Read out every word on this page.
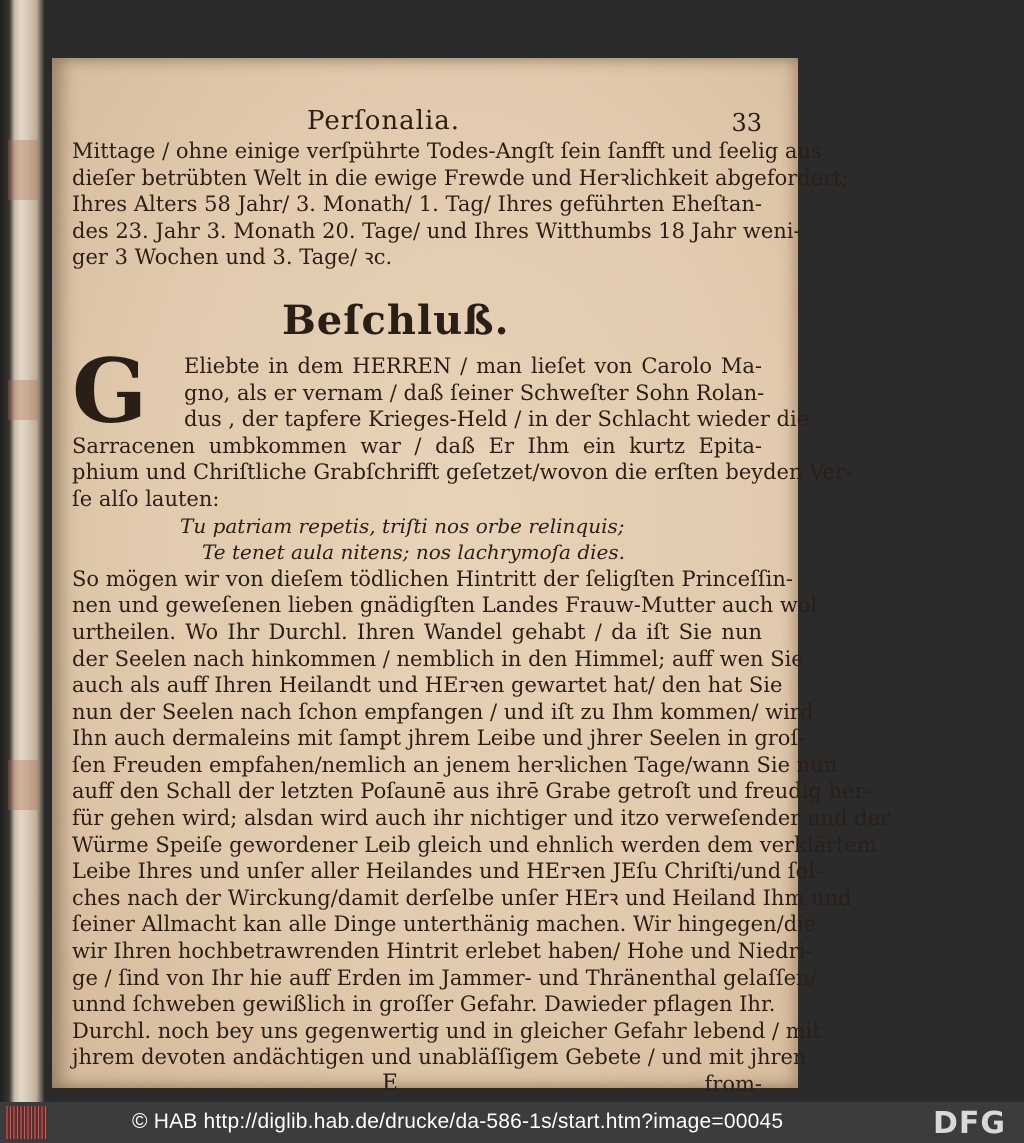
Perſonalia.	33
Mittage / ohne einige verſpührte Todes-Angſt ſein ſanfft und ſeelig aus
dieſer betrübten Welt in die ewige Frewde und Herꝛlichkeit abgefordert;
Ihres Alters 58 Jahr/ 3. Monath/ 1. Tag/ Ihres geführten Eheſtan-
des 23. Jahr 3. Monath 20. Tage/ und Ihres Witthumbs 18 Jahr weni-
ger 3 Wochen und 3. Tage/ ꝛc.
Beſchluß.
G	Eliebte in dem HERREN / man lieſet von Carolo Ma-
gno, als er vernam / daß ſeiner Schweſter Sohn Rolan-
dus , der tapfere Krieges-Held / in der Schlacht wieder die
Sarracenen umbkommen war / daß Er Ihm ein kurtz Epita-
phium und Chriſtliche Grabſchrifft geſetzet/wovon die erſten beyden Ver-
ſe alſo lauten:
Tu patriam repetis, triſti nos orbe relinquis;
Te tenet aula nitens; nos lachrymoſa dies.
So mögen wir von dieſem tödlichen Hintritt der ſeligſten Princeſſin-
nen und geweſenen lieben gnädigſten Landes Frauw-Mutter auch wol
urtheilen. Wo Ihr Durchl. Ihren Wandel gehabt / da iſt Sie nun
der Seelen nach hinkommen / nemblich in den Himmel; auff wen Sie
auch als auff Ihren Heilandt und HErꝛen gewartet hat/ den hat Sie
nun der Seelen nach ſchon empfangen / und iſt zu Ihm kommen/ wird
Ihn auch dermaleins mit ſampt jhrem Leibe und jhrer Seelen in groſ-
ſen Freuden empfahen/nemlich an jenem herꝛlichen Tage/wann Sie nun
auff den Schall der letzten Poſaunē aus ihrē Grabe getroſt und freudig her-
für gehen wird; alsdan wird auch ihr nichtiger und itzo verweſender und der
Würme Speiſe gewordener Leib gleich und ehnlich werden dem verklärtem
Leibe Ihres und unſer aller Heilandes und HErꝛen JEſu Chriſti/und ſol-
ches nach der Wirckung/damit derſelbe unſer HErꝛ und Heiland Ihm und
ſeiner Allmacht kan alle Dinge unterthänig machen. Wir hingegen/die
wir Ihren hochbetrawrenden Hintrit erlebet haben/ Hohe und Niedri-
ge / ſind von Ihr hie auff Erden im Jammer- und Thränenthal gelaſſen/
unnd ſchweben gewißlich in groſſer Gefahr. Dawieder pflagen Ihr.
Durchl. noch bey uns gegenwertig und in gleicher Gefahr lebend / mit
jhrem devoten andächtigen und unabläſſigem Gebete / und mit jhren
E	from-
© HAB http://diglib.hab.de/drucke/da-586-1s/start.htm?image=00045	DFG
